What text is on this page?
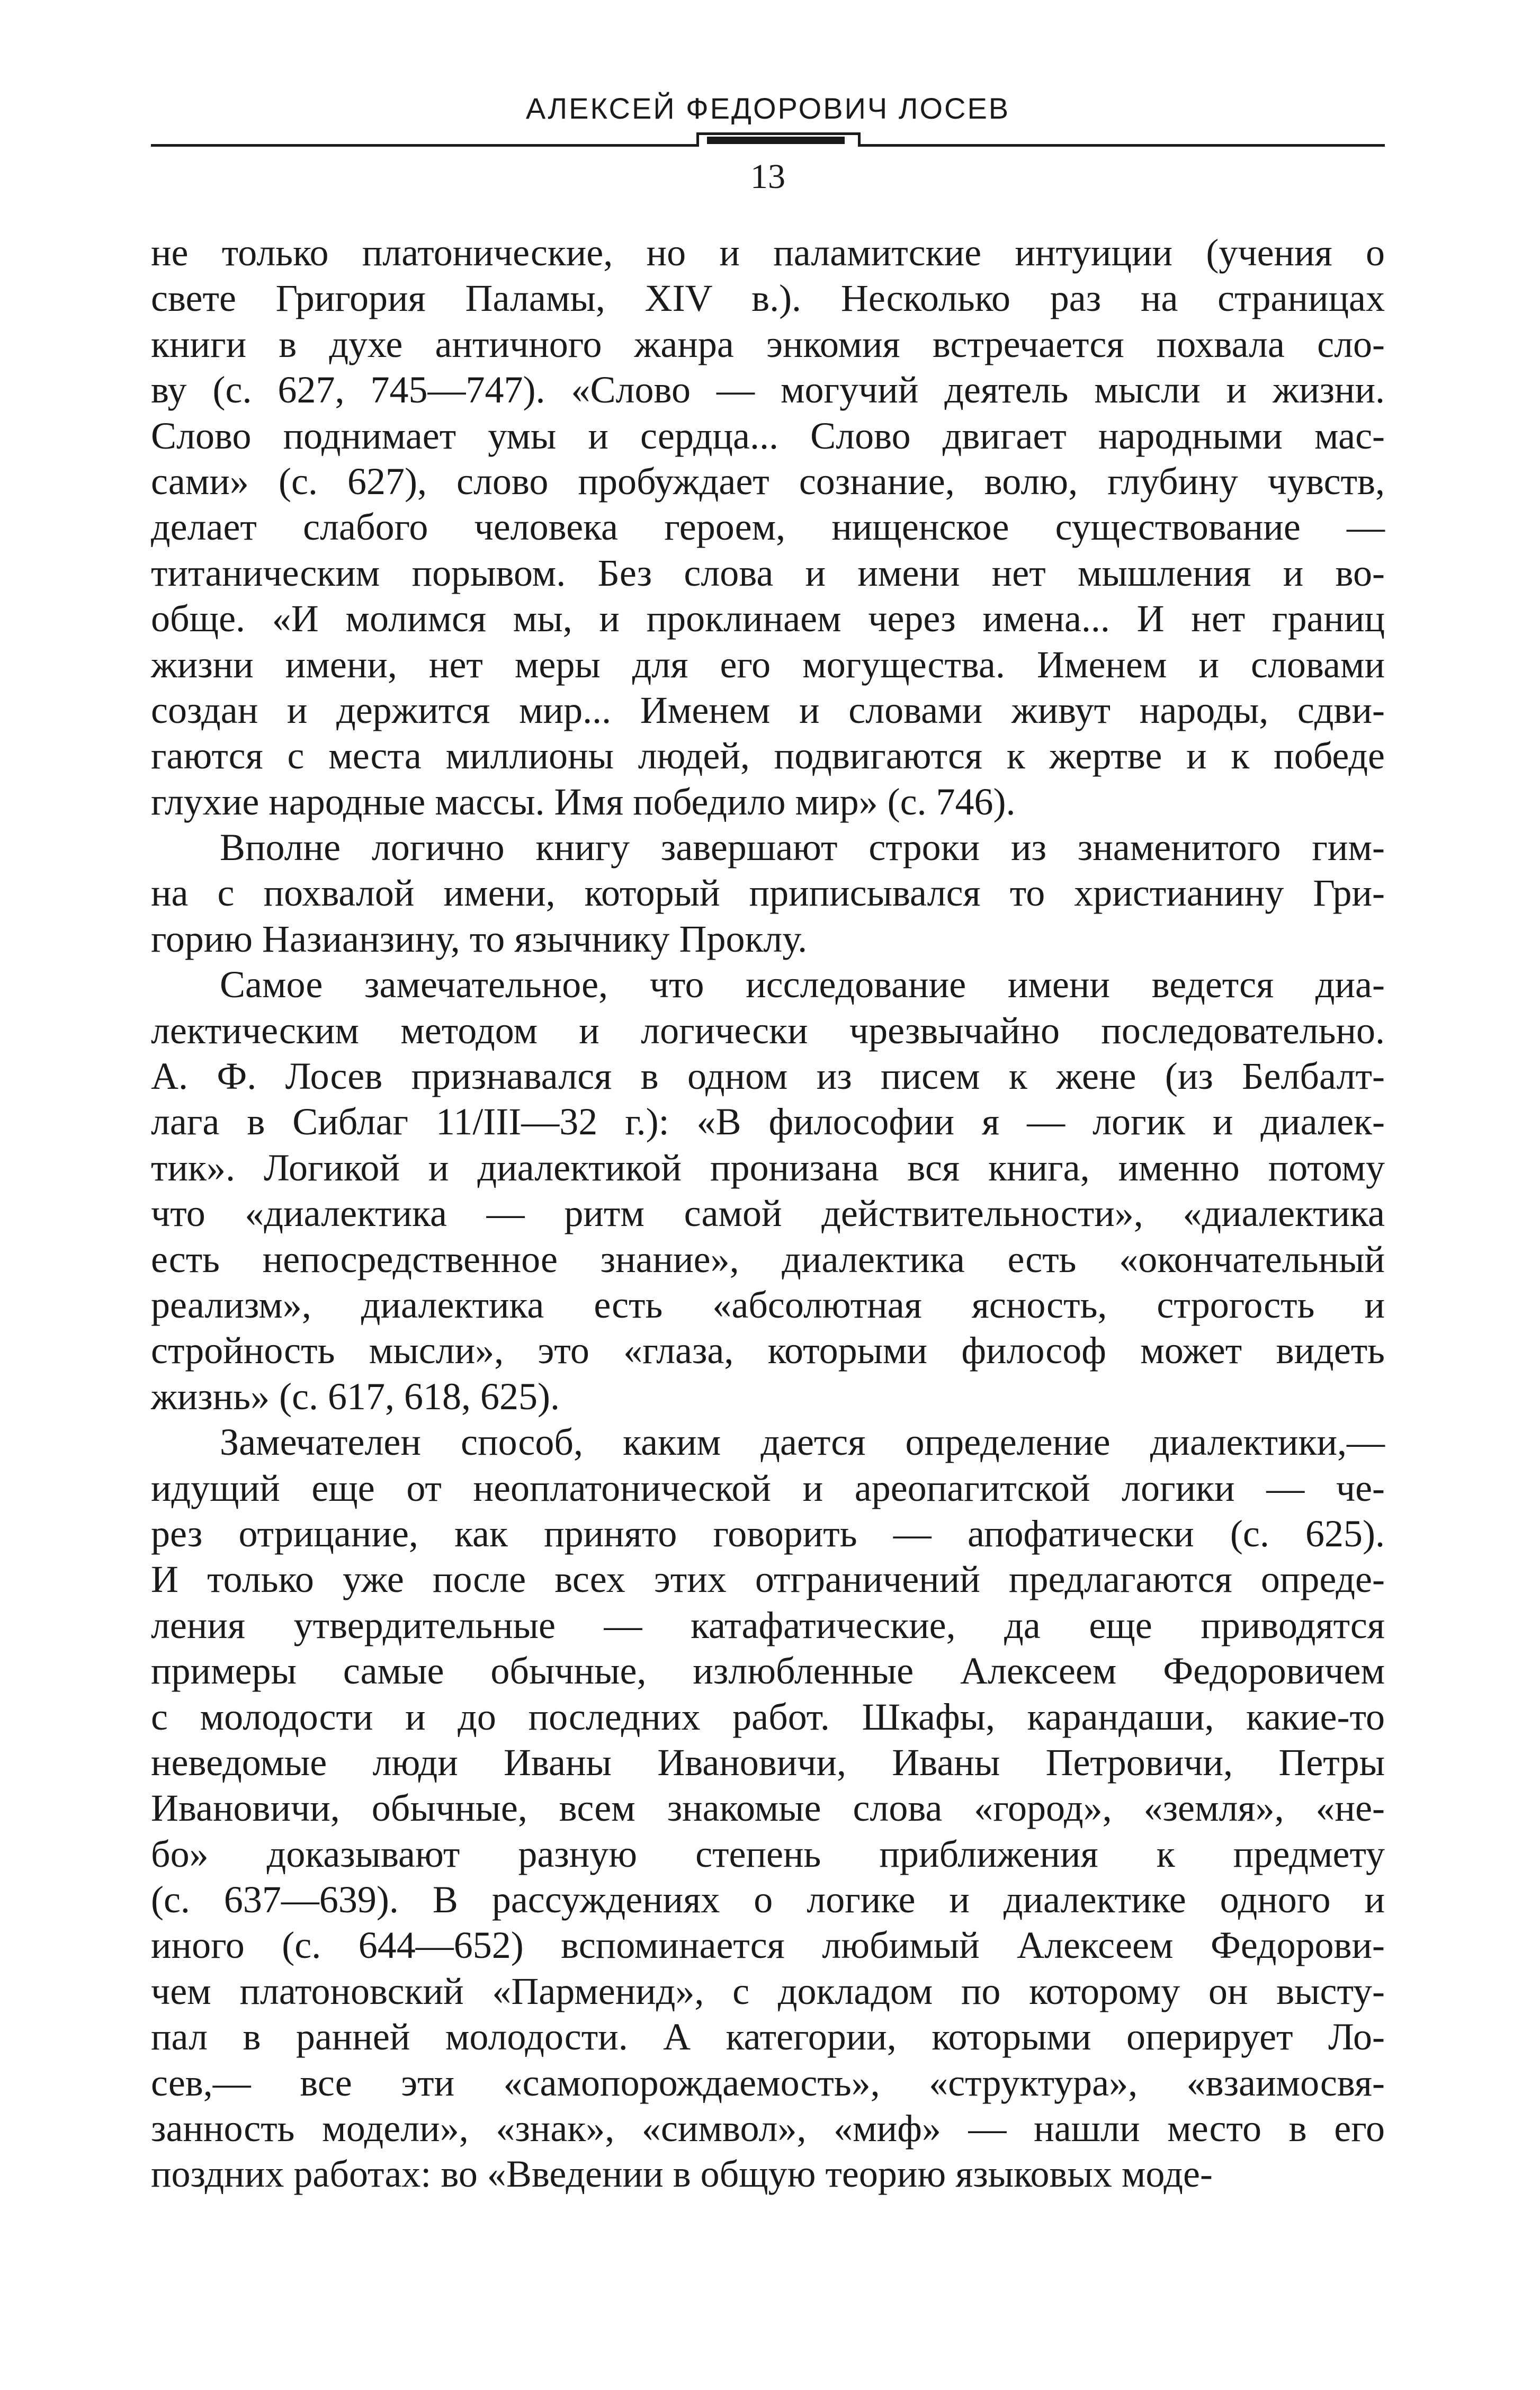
АЛЕКСЕЙ ФЕДОРОВИЧ ЛОСЕВ
13
не только платонические, но и паламитские интуиции (учения о
свете Григория Паламы, XIV в.). Несколько раз на страницах
книги в духе античного жанра энкомия встречается похвала сло-
ву (с. 627, 745—747). «Слово — могучий деятель мысли и жизни.
Слово поднимает умы и сердца... Слово двигает народными мас-
сами» (с. 627), слово пробуждает сознание, волю, глубину чувств,
делает слабого человека героем, нищенское существование —
титаническим порывом. Без слова и имени нет мышления и во-
обще. «И молимся мы, и проклинаем через имена... И нет границ
жизни имени, нет меры для его могущества. Именем и словами
создан и держится мир... Именем и словами живут народы, сдви-
гаются с места миллионы людей, подвигаются к жертве и к победе
глухие народные массы. Имя победило мир» (с. 746).
Вполне логично книгу завершают строки из знаменитого гим-
на с похвалой имени, который приписывался то христианину Гри-
горию Назианзину, то язычнику Проклу.
Самое замечательное, что исследование имени ведется диа-
лектическим методом и логически чрезвычайно последовательно.
А. Ф. Лосев признавался в одном из писем к жене (из Белбалт-
лага в Сиблаг 11/III—32 г.): «В философии я — логик и диалек-
тик». Логикой и диалектикой пронизана вся книга, именно потому
что «диалектика — ритм самой действительности», «диалектика
есть непосредственное знание», диалектика есть «окончательный
реализм», диалектика есть «абсолютная ясность, строгость и
стройность мысли», это «глаза, которыми философ может видеть
жизнь» (с. 617, 618, 625).
Замечателен способ, каким дается определение диалектики,—
идущий еще от неоплатонической и ареопагитской логики — че-
рез отрицание, как принято говорить — апофатически (с. 625).
И только уже после всех этих отграничений предлагаются опреде-
ления утвердительные — катафатические, да еще приводятся
примеры самые обычные, излюбленные Алексеем Федоровичем
с молодости и до последних работ. Шкафы, карандаши, какие-то
неведомые люди Иваны Ивановичи, Иваны Петровичи, Петры
Ивановичи, обычные, всем знакомые слова «город», «земля», «не-
бо» доказывают разную степень приближения к предмету
(с. 637—639). В рассуждениях о логике и диалектике одного и
иного (с. 644—652) вспоминается любимый Алексеем Федорови-
чем платоновский «Парменид», с докладом по которому он высту-
пал в ранней молодости. А категории, которыми оперирует Ло-
сев,— все эти «самопорождаемость», «структура», «взаимосвя-
занность модели», «знак», «символ», «миф» — нашли место в его
поздних работах: во «Введении в общую теорию языковых моде-
